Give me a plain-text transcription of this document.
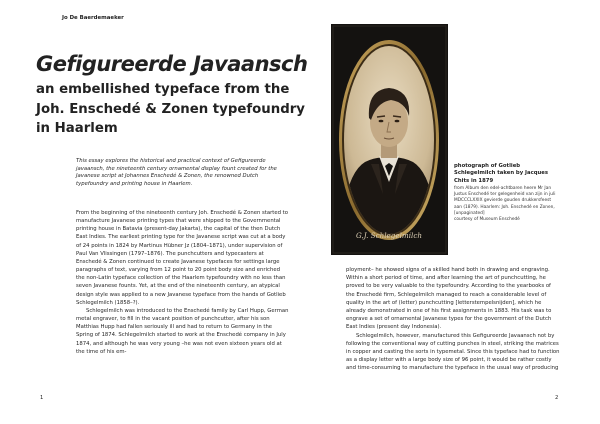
Jo De Baerdemaeker
Gefigureerde Javaansch
an embellished typeface from the Joh. Enschedé & Zonen typefoundry in Haarlem
This essay explores the historical and practical context of Gefigureerde javaansch, the nineteenth century ornamental display fount created for the Javanese script at Johannes Enschedé & Zonen, the renowned Dutch typefoundry and printing house in Haarlem.

From the beginning of the nineteenth century Joh. Enschedé & Zonen started to manufacture Javanese printing types that were shipped to the Governmental printing house in Batavia (present-day Jakarta), the capital of the then Dutch East Indies. The earliest printing type for the Javanese script was cut at a body of 24 points in 1824 by Martinus Hübner Jz (1804–1871), under supervision of Paul Van Vlissingen (1797–1876). The punchcutters and typecasters at Enschedé & Zonen continued to create Javanese typefaces for settings large paragraphs of text, varying from 12 point to 20 point body size and enriched the non-Latin typeface collection of the Haarlem typefoundry with no less than seven Javanese founts. Yet, at the end of the nineteenth century, an atypical design style was applied to a new Javanese typeface from the hands of Gotlieb Schlegelmilch (1858–?).

Schlegelmilch was introduced to the Enschedé family by Carl Hupp, German metal engraver, to fill in the vacant position of punchcutter, after his son Matthias Hupp had fallen seriously ill and had to return to Germany in the Spring of 1874. Schlegelmilch started to work at the Enschedé company in July 1874, and although he was very young –he was not even sixteen years old at the time of his em-

G.J. Schlegelmilch
photograph of Gotlieb Schlegelmilch taken by Jacques Chits in 1879
from Album den edel-achtbaren heere Mr Jan Justus Enschedé ter gelegenheid van zijn in juli MDCCCLXXIX gevierde gouden drukkersfeest aan (1879). Haarlem: Joh. Enschedé en Zonen, [unpaginated]
courtesy of Museum Enschedé

ployment– he showed signs of a skilled hand both in drawing and engraving. Within a short period of time, and after learning the art of punchcutting, he proved to be very valuable to the typefoundry. According to the yearbooks of the Enschedé firm, Schlegelmilch managed to reach a considerable level of quality in the art of (letter) punchcutting [letterstempelsnijden], which he already demonstrated in one of his first assignments in 1883. His task was to engrave a set of ornamental Javanese types for the government of the Dutch East Indies (present day Indonesia).

Schlegelmilch, however, manufactured this Gefigureerde Javaansch not by following the conventional way of cutting punches in steel, striking the matrices in copper and casting the sorts in typemetal. Since this typeface had to function as a display letter with a large body size of 96 point, it would be rather costly and time-consuming to manufacture the typeface in the usual way of producing

1	2
